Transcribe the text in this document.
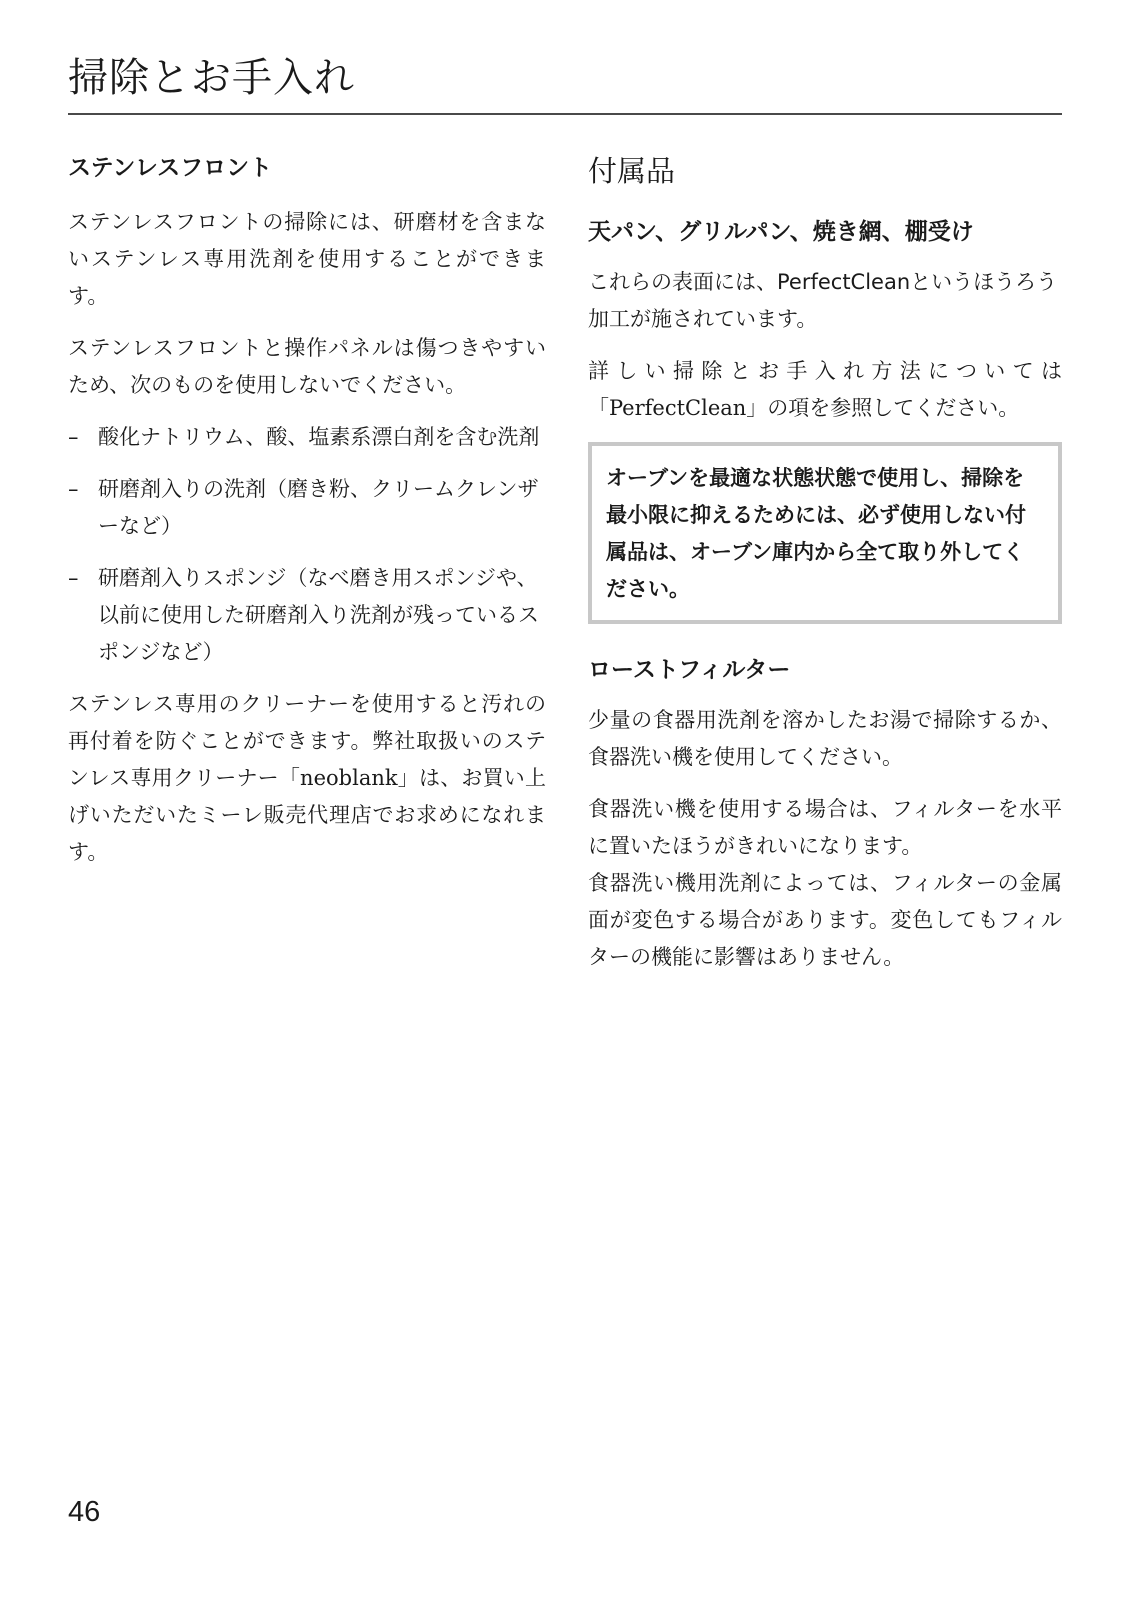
掃除とお手入れ
ステンレスフロント

ステンレスフロントの掃除には、研磨材を含まないステンレス専用洗剤を使用することができます。

ステンレスフロントと操作パネルは傷つきやすいため、次のものを使用しないでください。

– 酸化ナトリウム、酸、塩素系漂白剤を含む洗剤
– 研磨剤入りの洗剤（磨き粉、クリームクレンザーなど）
– 研磨剤入りスポンジ（なべ磨き用スポンジや、以前に使用した研磨剤入り洗剤が残っているスポンジなど）

ステンレス専用のクリーナーを使用すると汚れの再付着を防ぐことができます。弊社取扱いのステンレス専用クリーナー「neoblank」は、お買い上げいただいたミーレ販売代理店でお求めになれます。

付属品
天パン、グリルパン、焼き網、棚受け

これらの表面には、PerfectCleanというほうろう加工が施されています。

詳しい掃除とお手入れ方法については「PerfectClean」の項を参照してください。

オーブンを最適な状態状態で使用し、掃除を最小限に抑えるためには、必ず使用しない付属品は、オーブン庫内から全て取り外してください。

ローストフィルター

少量の食器用洗剤を溶かしたお湯で掃除するか、食器洗い機を使用してください。

食器洗い機を使用する場合は、フィルターを水平に置いたほうがきれいになります。

食器洗い機用洗剤によっては、フィルターの金属面が変色する場合があります。変色してもフィルターの機能に影響はありません。

46
